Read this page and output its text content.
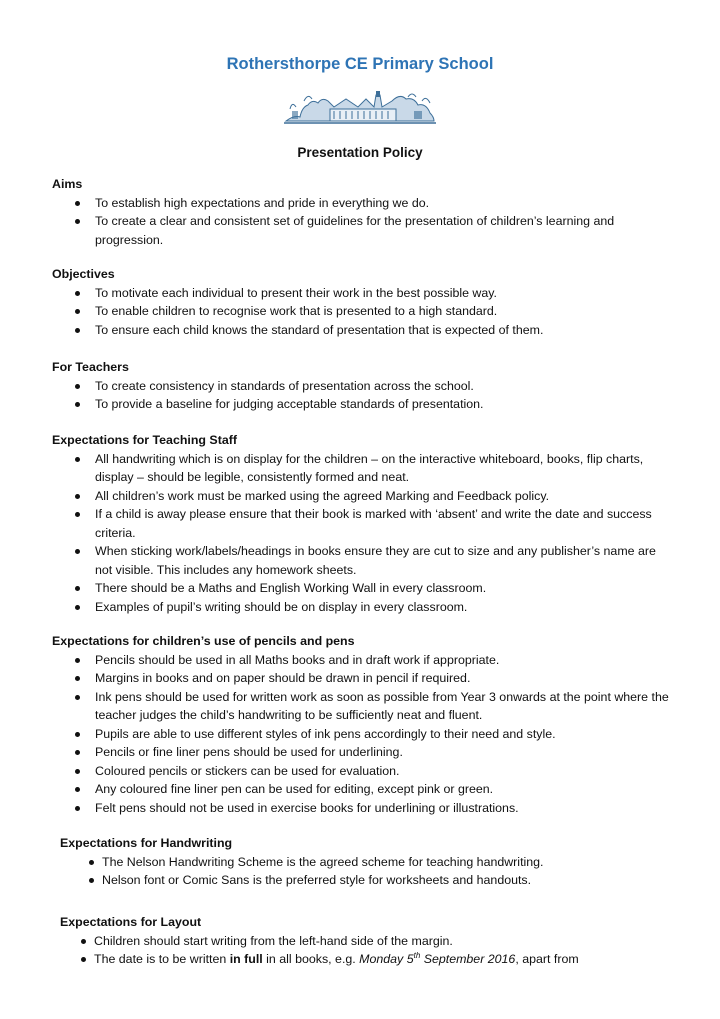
Rothersthorpe CE Primary School
Presentation Policy
Aims
To establish high expectations and pride in everything we do.
To create a clear and consistent set of guidelines for the presentation of children’s learning and progression.
Objectives
To motivate each individual to present their work in the best possible way.
To enable children to recognise work that is presented to a high standard.
To ensure each child knows the standard of presentation that is expected of them.
For Teachers
To create consistency in standards of presentation across the school.
To provide a baseline for judging acceptable standards of presentation.
Expectations for Teaching Staff
All handwriting which is on display for the children – on the interactive whiteboard, books, flip charts, display – should be legible, consistently formed and neat.
All children’s work must be marked using the agreed Marking and Feedback policy.
If a child is away please ensure that their book is marked with ‘absent’ and write the date and success criteria.
When sticking work/labels/headings in books ensure they are cut to size and any publisher’s name are not visible. This includes any homework sheets.
There should be a Maths and English Working Wall in every classroom.
Examples of pupil’s writing should be on display in every classroom.
Expectations for children’s use of pencils and pens
Pencils should be used in all Maths books and in draft work if appropriate.
Margins in books and on paper should be drawn in pencil if required.
Ink pens should be used for written work as soon as possible from Year 3 onwards at the point where the teacher judges the child’s handwriting to be sufficiently neat and fluent.
Pupils are able to use different styles of ink pens accordingly to their need and style.
Pencils or fine liner pens should be used for underlining.
Coloured pencils or stickers can be used for evaluation.
Any coloured fine liner pen can be used for editing, except pink or green.
Felt pens should not be used in exercise books for underlining or illustrations.
Expectations for Handwriting
The Nelson Handwriting Scheme is the agreed scheme for teaching handwriting.
Nelson font or Comic Sans is the preferred style for worksheets and handouts.
Expectations for Layout
Children should start writing from the left-hand side of the margin.
The date is to be written in full in all books, e.g. Monday 5th September 2016, apart from
